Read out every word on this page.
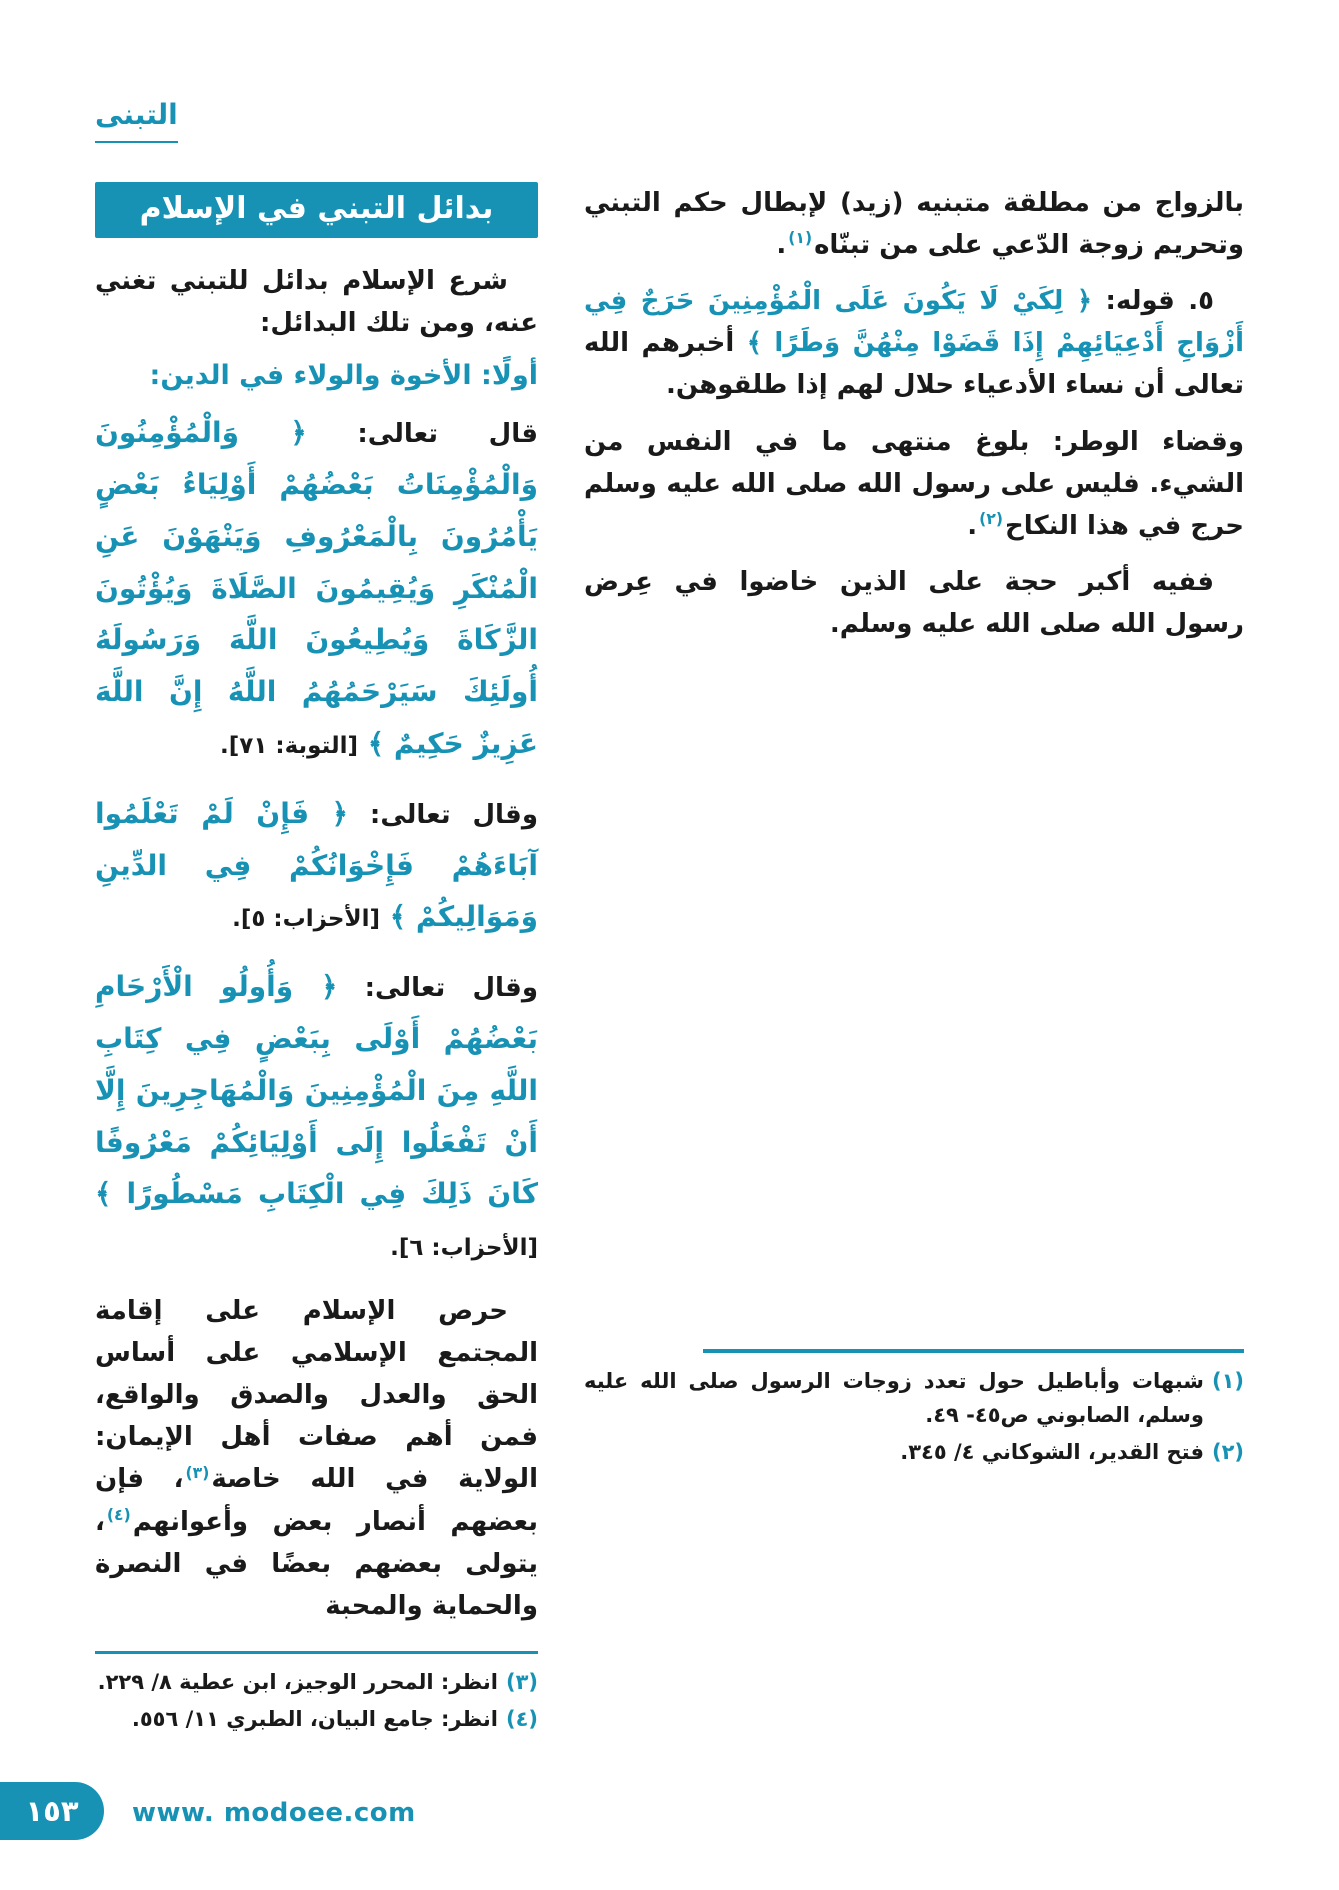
التبنى

بالزواج من مطلقة متبنيه (زيد) لإبطال حكم التبني وتحريم زوجة الدّعي على من تبنّاه$^{(١)}$.

٥. قوله: ﴿ لِكَيْ لَا يَكُونَ عَلَى الْمُؤْمِنِينَ حَرَجٌ فِي أَزْوَاجِ أَدْعِيَائِهِمْ إِذَا قَضَوْا مِنْهُنَّ وَطَرًا ﴾ أخبرهم الله تعالى أن نساء الأدعياء حلال لهم إذا طلقوهن.

وقضاء الوطر: بلوغ منتهى ما في النفس من الشيء. فليس على رسول الله صلى الله عليه وسلم حرج في هذا النكاح$^{(٢)}$.

ففيه أكبر حجة على الذين خاضوا في عِرض رسول الله صلى الله عليه وسلم.

(١)
شبهات وأباطيل حول تعدد زوجات الرسول صلى الله عليه وسلم، الصابوني ص٤٥- ٤٩.
(٢)
فتح القدير، الشوكاني ٤/ ٣٤٥.
بدائل التبني في الإسلام

شرع الإسلام بدائل للتبني تغني عنه، ومن تلك البدائل:

أولًا: الأخوة والولاء في الدين:

قال تعالى: ﴿ وَالْمُؤْمِنُونَ وَالْمُؤْمِنَاتُ بَعْضُهُمْ أَوْلِيَاءُ بَعْضٍ يَأْمُرُونَ بِالْمَعْرُوفِ وَيَنْهَوْنَ عَنِ الْمُنْكَرِ وَيُقِيمُونَ الصَّلَاةَ وَيُؤْتُونَ الزَّكَاةَ وَيُطِيعُونَ اللَّهَ وَرَسُولَهُ أُولَئِكَ سَيَرْحَمُهُمُ اللَّهُ إِنَّ اللَّهَ عَزِيزٌ حَكِيمٌ ﴾ [التوبة: ٧١].

وقال تعالى: ﴿ فَإِنْ لَمْ تَعْلَمُوا آبَاءَهُمْ فَإِخْوَانُكُمْ فِي الدِّينِ وَمَوَالِيكُمْ ﴾ [الأحزاب: ٥].

وقال تعالى: ﴿ وَأُولُو الْأَرْحَامِ بَعْضُهُمْ أَوْلَى بِبَعْضٍ فِي كِتَابِ اللَّهِ مِنَ الْمُؤْمِنِينَ وَالْمُهَاجِرِينَ إِلَّا أَنْ تَفْعَلُوا إِلَى أَوْلِيَائِكُمْ مَعْرُوفًا كَانَ ذَلِكَ فِي الْكِتَابِ مَسْطُورًا ﴾ [الأحزاب: ٦].

حرص الإسلام على إقامة المجتمع الإسلامي على أساس الحق والعدل والصدق والواقع، فمن أهم صفات أهل الإيمان: الولاية في الله خاصة$^{(٣)}$، فإن بعضهم أنصار بعض وأعوانهم$^{(٤)}$، يتولى بعضهم بعضًا في النصرة والحماية والمحبة

(٣)
انظر: المحرر الوجيز، ابن عطية ٨/ ٢٢٩.
(٤)
انظر: جامع البيان، الطبري ١١/ ٥٥٦.
١٥٣ www. modoee.com
